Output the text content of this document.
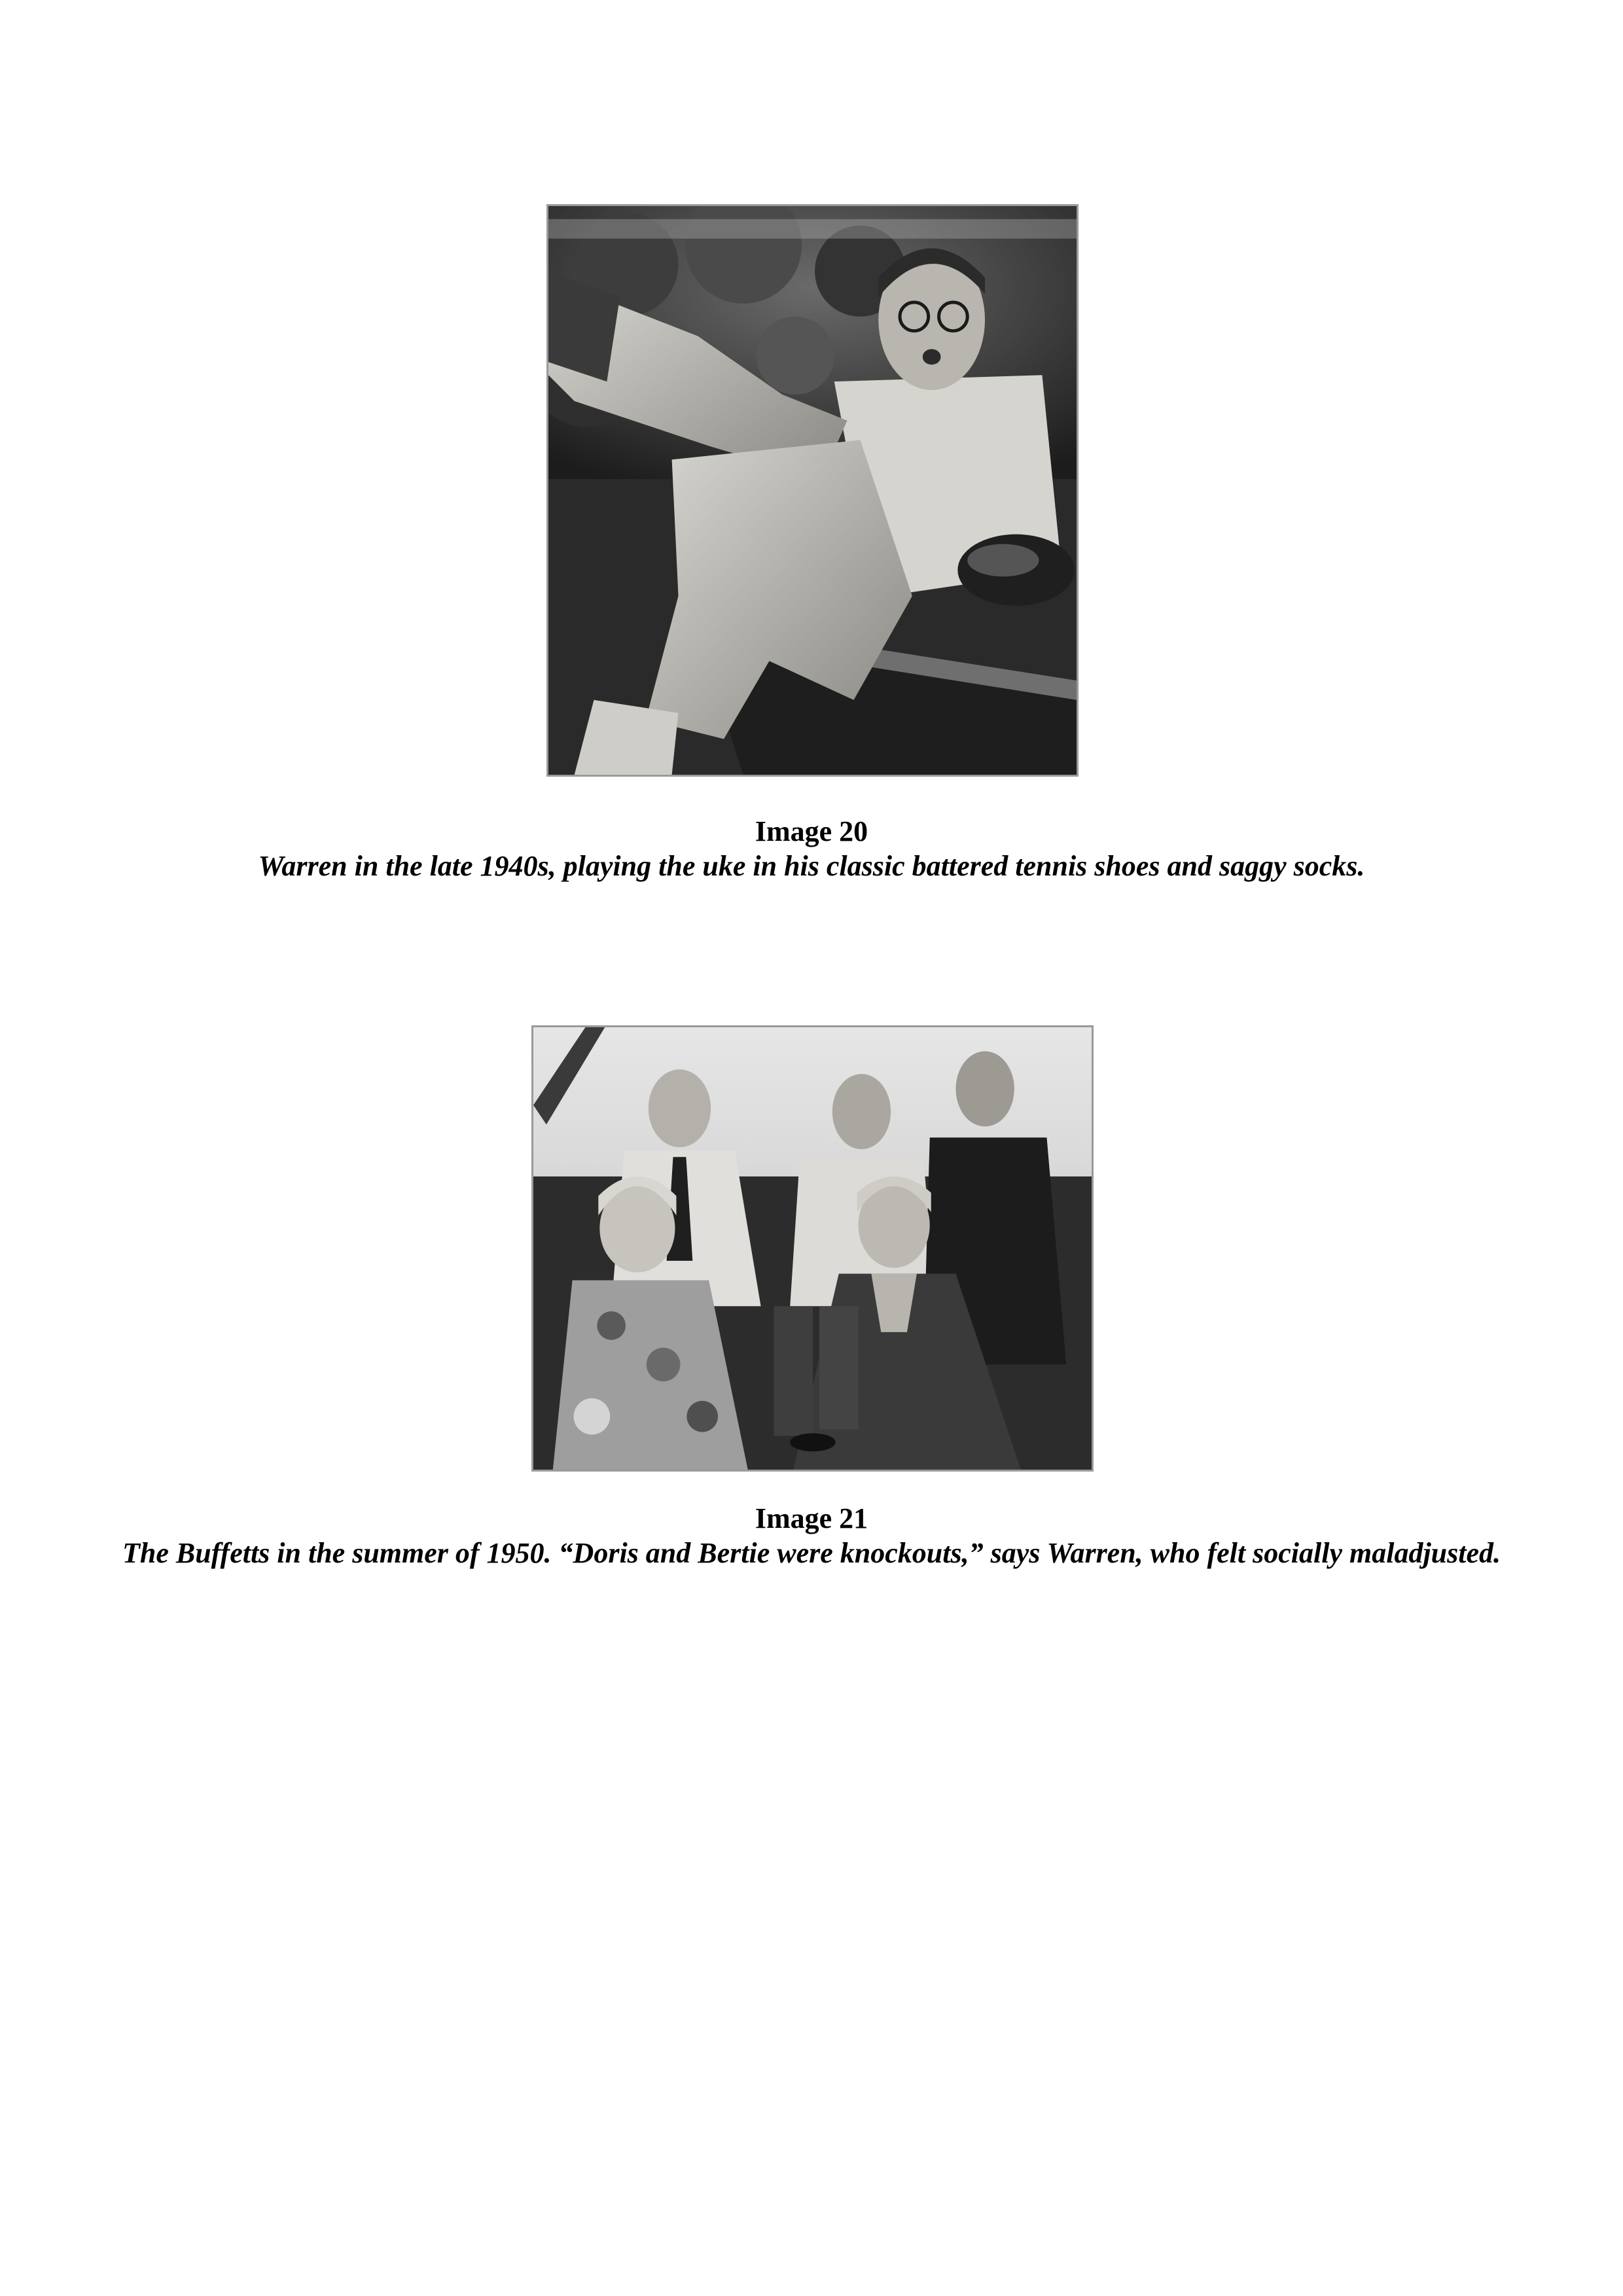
Image 20
Warren in the late 1940s, playing the uke in his classic battered tennis shoes and saggy socks.
Image 21
The Buffetts in the summer of 1950. “Doris and Bertie were knockouts,” says Warren, who felt socially maladjusted.
